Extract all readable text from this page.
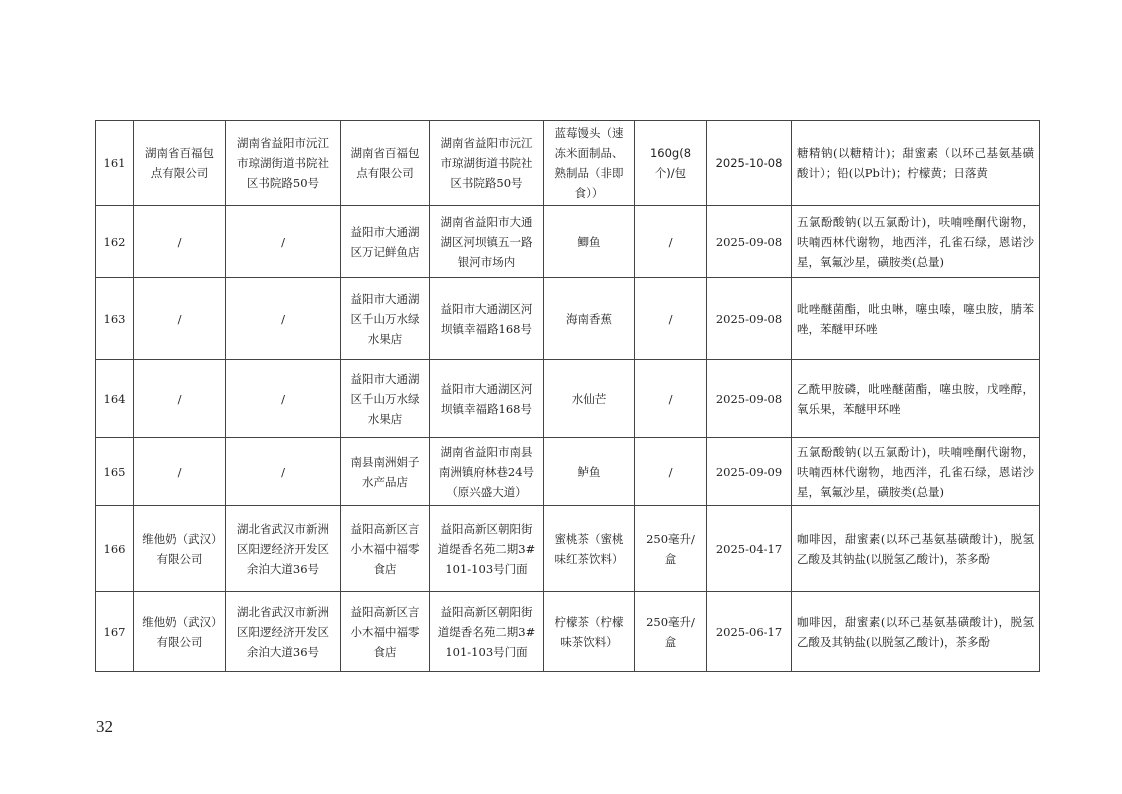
161	湖南省百福包点有限公司	湖南省益阳市沅江市琼湖街道书院社区书院路50号	湖南省百福包点有限公司	湖南省益阳市沅江市琼湖街道书院社区书院路50号	蓝莓馒头（速冻米面制品、熟制品（非即食））	160g(8个)/包	2025-10-08	糖精钠(以糖精计)；甜蜜素（以环己基氨基磺酸计）；铅(以Pb计)；柠檬黄；日落黄
162	/	/	益阳市大通湖区万记鲜鱼店	湖南省益阳市大通湖区河坝镇五一路银河市场内	鲫鱼	/	2025-09-08	五氯酚酸钠(以五氯酚计)，呋喃唑酮代谢物，呋喃西林代谢物，地西泮，孔雀石绿，恩诺沙星，氧氟沙星，磺胺类(总量)
163	/	/	益阳市大通湖区千山万水绿水果店	益阳市大通湖区河坝镇幸福路168号	海南香蕉	/	2025-09-08	吡唑醚菌酯，吡虫啉，噻虫嗪，噻虫胺，腈苯唑，苯醚甲环唑
164	/	/	益阳市大通湖区千山万水绿水果店	益阳市大通湖区河坝镇幸福路168号	水仙芒	/	2025-09-08	乙酰甲胺磷，吡唑醚菌酯，噻虫胺，戊唑醇，氧乐果，苯醚甲环唑
165	/	/	南县南洲娟子水产品店	湖南省益阳市南县南洲镇府林巷24号（原兴盛大道）	鲈鱼	/	2025-09-09	五氯酚酸钠(以五氯酚计)，呋喃唑酮代谢物，呋喃西林代谢物，地西泮，孔雀石绿，恩诺沙星，氧氟沙星，磺胺类(总量)
166	维他奶（武汉）有限公司	湖北省武汉市新洲区阳逻经济开发区余泊大道36号	益阳高新区言小木福中福零食店	益阳高新区朝阳街道缇香名苑二期3#101-103号门面	蜜桃茶（蜜桃味红茶饮料）	250毫升/盒	2025-04-17	咖啡因，甜蜜素(以环己基氨基磺酸计)，脱氢乙酸及其钠盐(以脱氢乙酸计)，茶多酚
167	维他奶（武汉）有限公司	湖北省武汉市新洲区阳逻经济开发区余泊大道36号	益阳高新区言小木福中福零食店	益阳高新区朝阳街道缇香名苑二期3#101-103号门面	柠檬茶（柠檬味茶饮料）	250毫升/盒	2025-06-17	咖啡因，甜蜜素(以环己基氨基磺酸计)，脱氢乙酸及其钠盐(以脱氢乙酸计)，茶多酚
32
